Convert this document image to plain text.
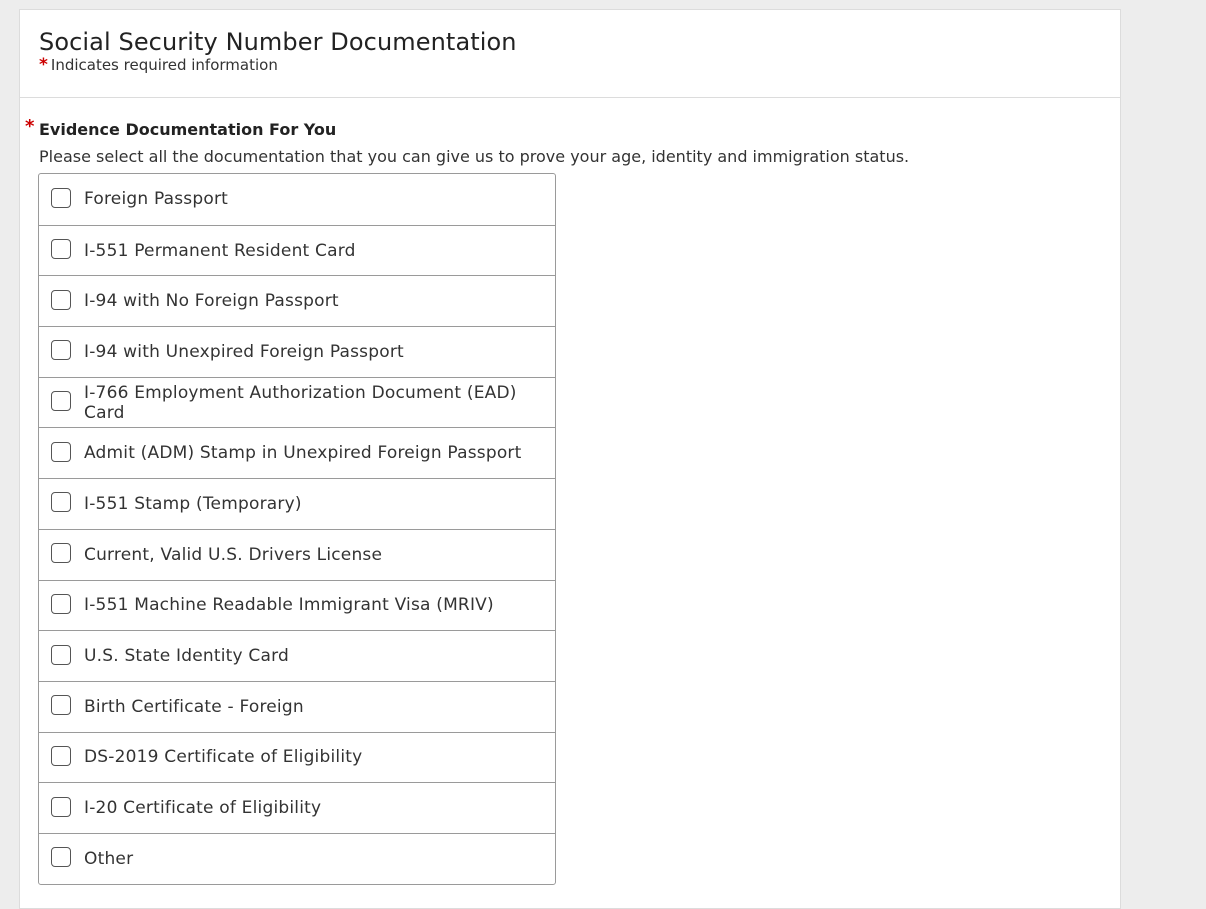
Social Security Number Documentation
* Indicates required information
* Evidence Documentation For You
Please select all the documentation that you can give us to prove your age, identity and immigration status.
Foreign Passport
I-551 Permanent Resident Card
I-94 with No Foreign Passport
I-94 with Unexpired Foreign Passport
I-766 Employment Authorization Document (EAD) Card
Admit (ADM) Stamp in Unexpired Foreign Passport
I-551 Stamp (Temporary)
Current, Valid U.S. Drivers License
I-551 Machine Readable Immigrant Visa (MRIV)
U.S. State Identity Card
Birth Certificate - Foreign
DS-2019 Certificate of Eligibility
I-20 Certificate of Eligibility
Other
